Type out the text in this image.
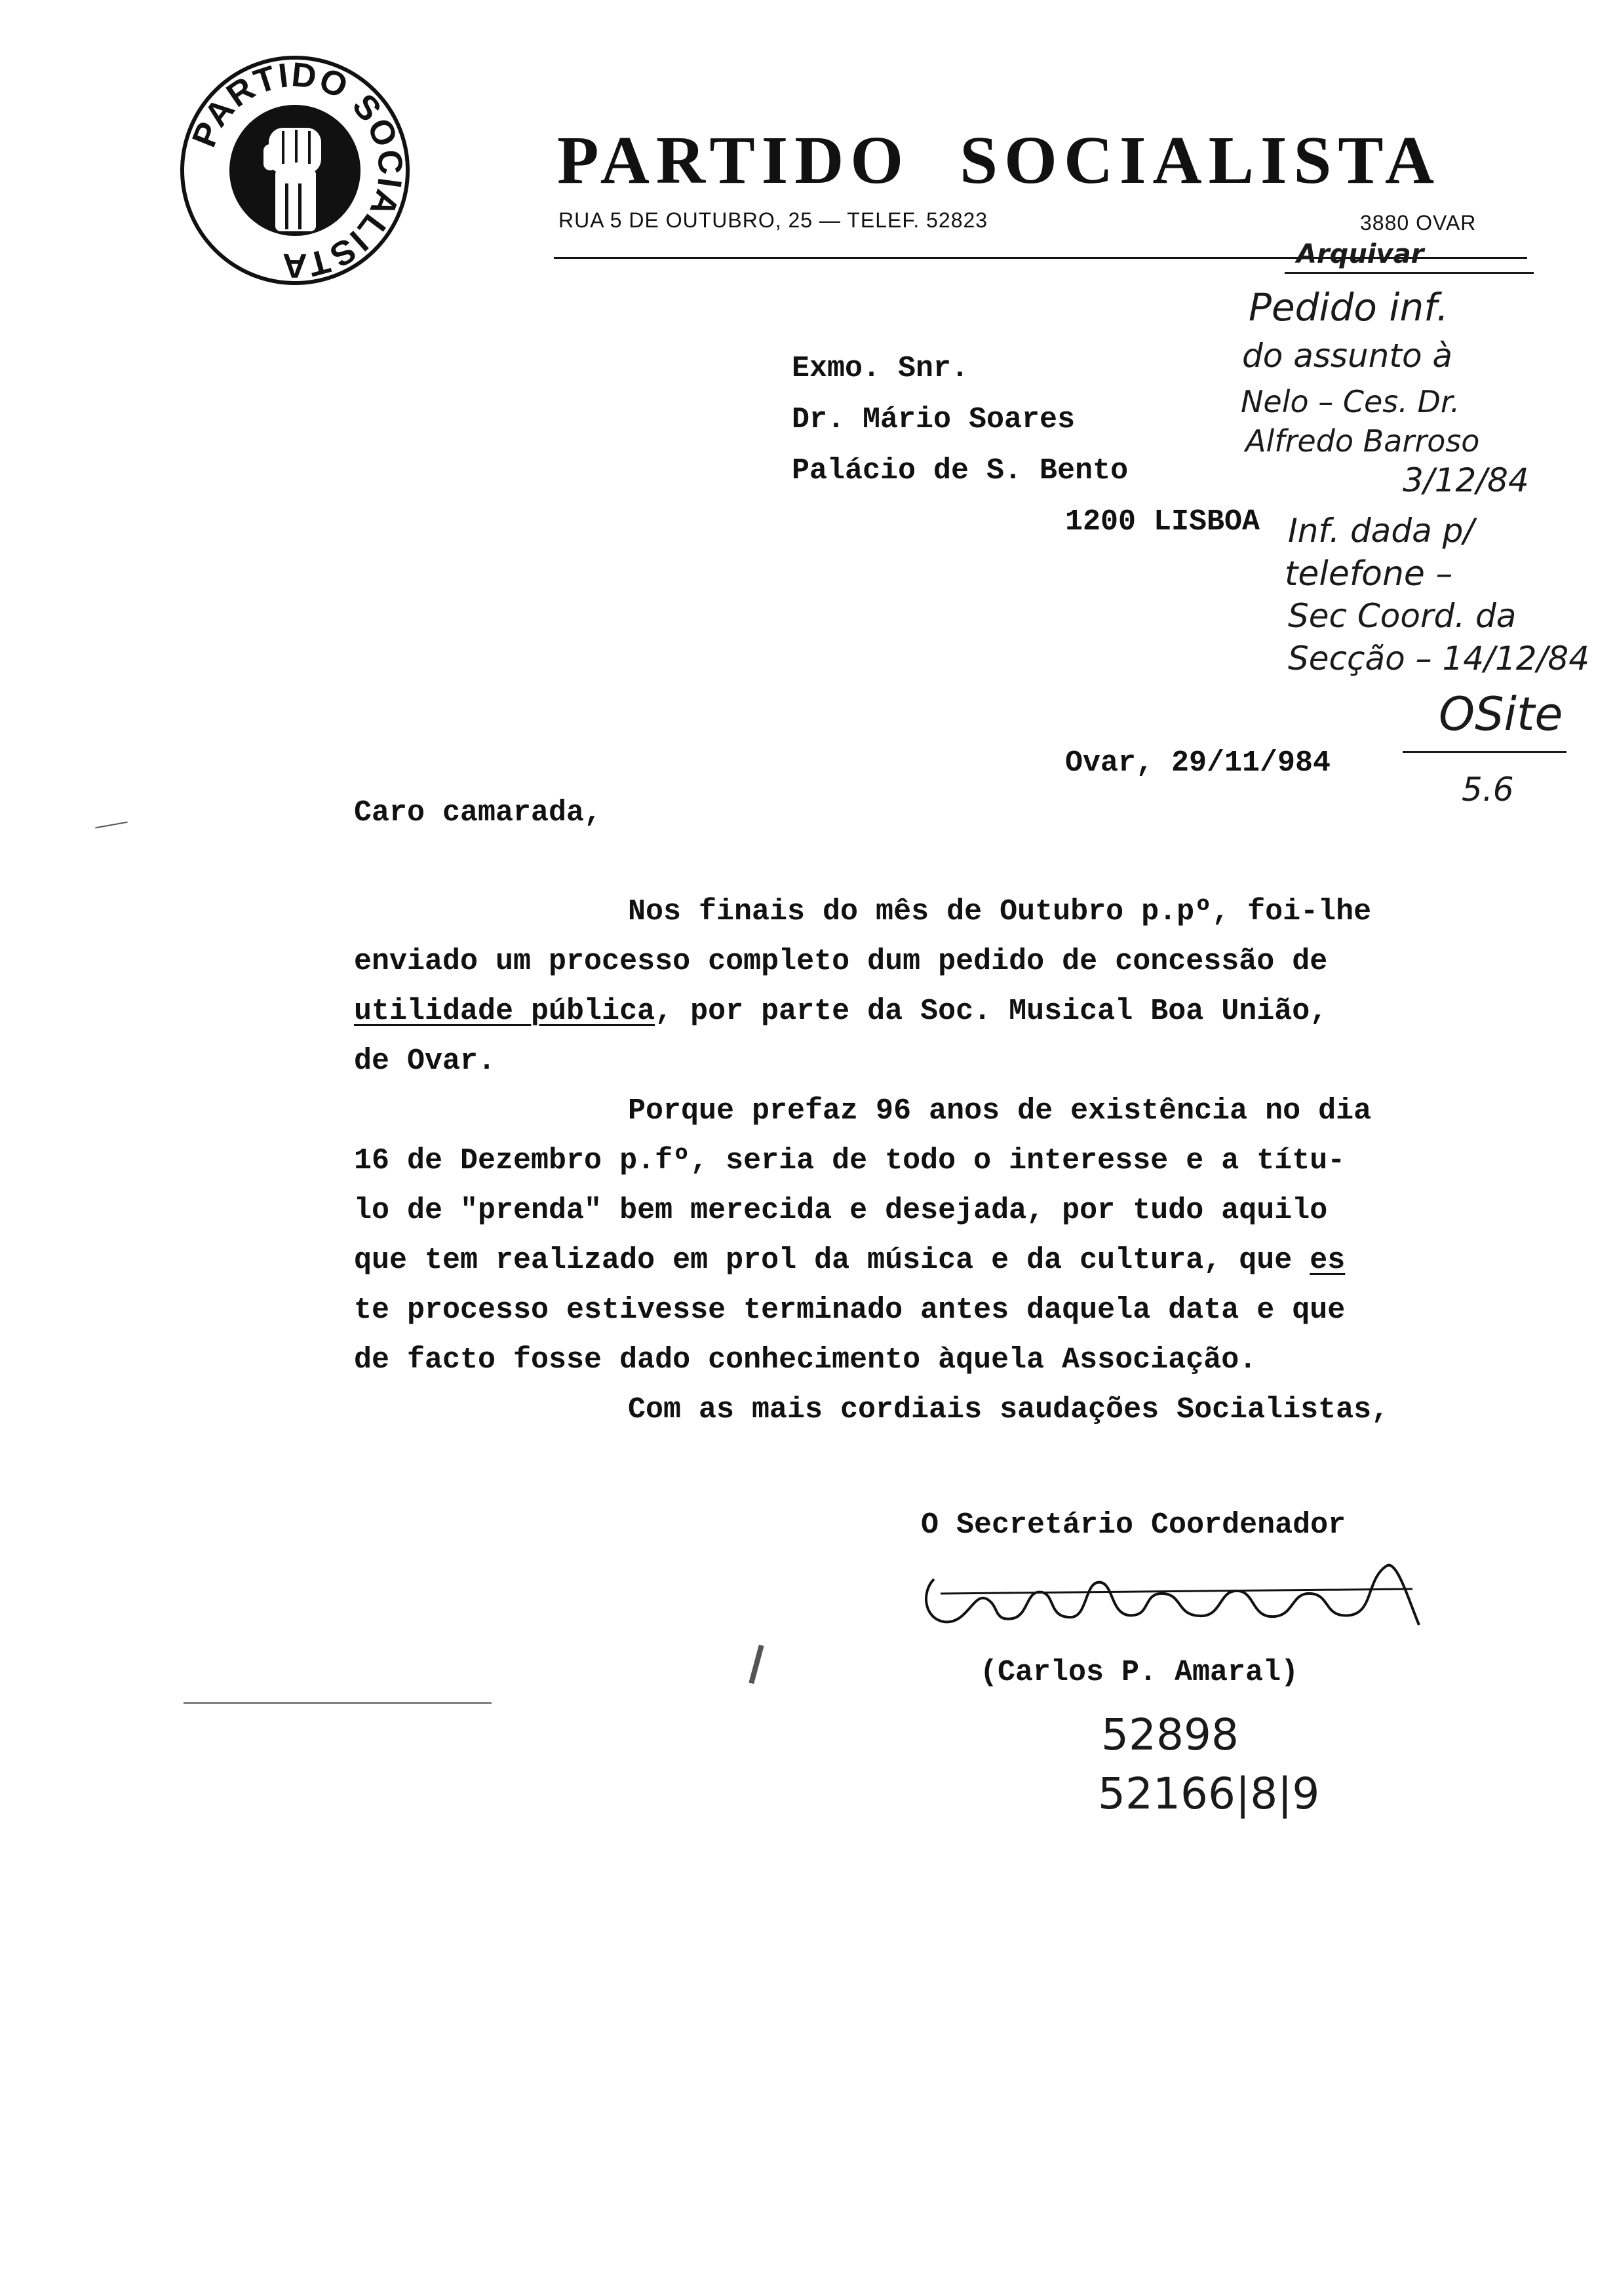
PARTIDO SOCIALISTA
PARTIDO SOCIALISTA
RUA 5 DE OUTUBRO, 25 — TELEF. 52823	3880 OVAR
Exmo. Snr.
Dr. Mário Soares
Palácio de S. Bento
1200 LISBOA
Ovar, 29/11/984
Caro camarada,

Nos finais do mês de Outubro p.pº, foi-lhe

enviado um processo completo dum pedido de concessão de

utilidade pública, por parte da Soc. Musical Boa União,

de Ovar.

Porque prefaz 96 anos de existência no dia

16 de Dezembro p.fº, seria de todo o interesse e a títu-

lo de "prenda" bem merecida e desejada, por tudo aquilo

que tem realizado em prol da música e da cultura, que es

te processo estivesse terminado antes daquela data e que

de facto fosse dado conhecimento àquela Associação.

Com as mais cordiais saudações Socialistas,

O Secretário Coordenador
(Carlos P. Amaral)
Arquivar
Pedido inf.
do assunto à
Nelo – Ces. Dr.
Alfredo Barroso
3/12/84
Inf. dada p/
telefone –
Sec Coord. da
Secção – 14/12/84
OSite
5.6
52898
52166|8|9
